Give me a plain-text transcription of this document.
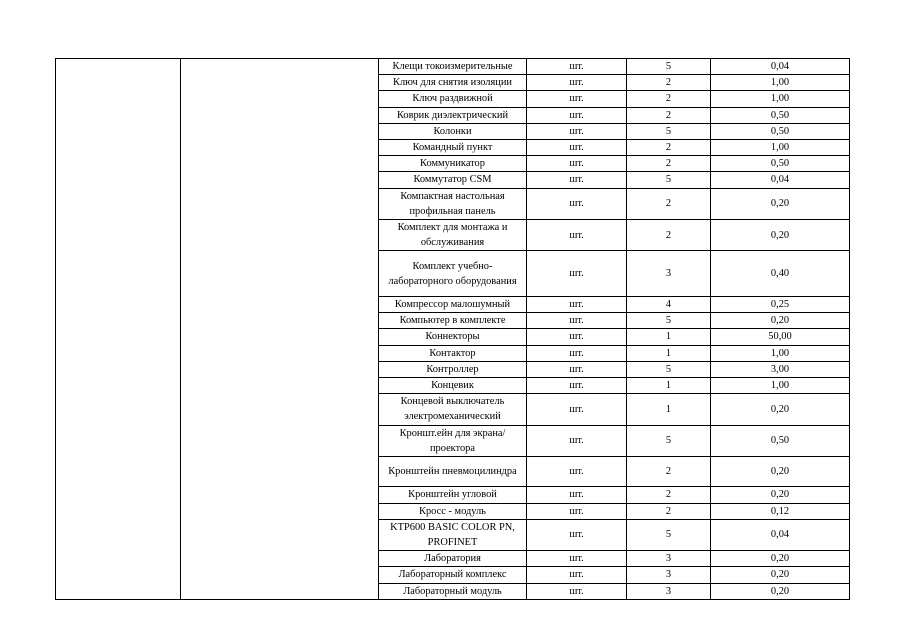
		Клещи токоизмерительные	шт.	5	0,04
		Ключ для снятия изоляции	шт.	2	1,00
		Ключ раздвижной	шт.	2	1,00
		Коврик диэлектрический	шт.	2	0,50
		Колонки	шт.	5	0,50
		Командный пункт	шт.	2	1,00
		Коммуникатор	шт.	2	0,50
		Коммутатор CSM	шт.	5	0,04
		Компактная настольная профильная панель	шт.	2	0,20
		Комплект для монтажа и обслуживания	шт.	2	0,20
		Комплект учебно-лабораторного оборудования	шт.	3	0,40
		Компрессор малошумный	шт.	4	0,25
		Компьютер в комплекте	шт.	5	0,20
		Коннекторы	шт.	1	50,00
		Контактор	шт.	1	1,00
		Контроллер	шт.	5	3,00
		Концевик	шт.	1	1,00
		Концевой выключатель электромеханический	шт.	1	0,20
		Кроншт.ейн для экрана/проектора	шт.	5	0,50
		Кронштейн пневмоцилиндра	шт.	2	0,20
		Кронштейн угловой	шт.	2	0,20
		Кросс - модуль	шт.	2	0,12
		KTP600 BASIC COLOR PN, PROFINET	шт.	5	0,04
		Лаборатория	шт.	3	0,20
		Лабораторный комплекс	шт.	3	0,20
		Лабораторный модуль	шт.	3	0,20
